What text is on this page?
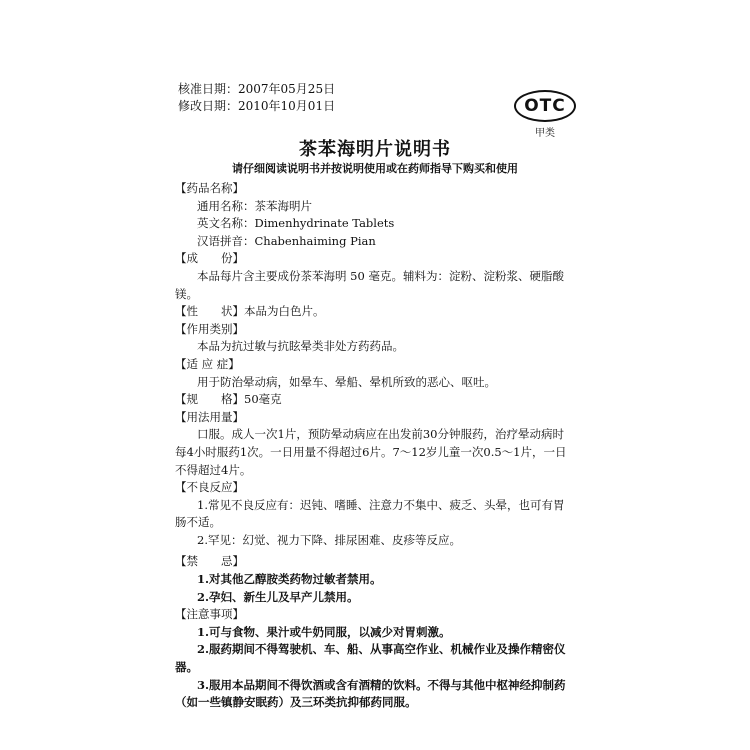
核准日期：2007年05月25日
修改日期：2010年10月01日	OTC
甲类
茶苯海明片说明书
请仔细阅读说明书并按说明使用或在药师指导下购买和使用
【药品名称】
通用名称：茶苯海明片
英文名称：Dimenhydrinate Tablets
汉语拼音：Chabenhaiming Pian
【成　　份】
本品每片含主要成份茶苯海明 50 毫克。辅料为：淀粉、淀粉浆、硬脂酸镁。
【性　　状】本品为白色片。
【作用类别】
本品为抗过敏与抗眩晕类非处方药药品。
【适 应 症】
用于防治晕动病，如晕车、晕船、晕机所致的恶心、呕吐。
【规　　格】50毫克
【用法用量】
口服。成人一次1片，预防晕动病应在出发前30分钟服药，治疗晕动病时每4小时服药1次。一日用量不得超过6片。7～12岁儿童一次0.5～1片，一日不得超过4片。
【不良反应】
1.常见不良反应有：迟钝、嗜睡、注意力不集中、疲乏、头晕，也可有胃肠不适。
2.罕见：幻觉、视力下降、排尿困难、皮疹等反应。
【禁　　忌】
1.对其他乙醇胺类药物过敏者禁用。
2.孕妇、新生儿及早产儿禁用。
【注意事项】
1.可与食物、果汁或牛奶同服，以减少对胃刺激。
2.服药期间不得驾驶机、车、船、从事高空作业、机械作业及操作精密仪器。
3.服用本品期间不得饮酒或含有酒精的饮料。不得与其他中枢神经抑制药（如一些镇静安眠药）及三环类抗抑郁药同服。
